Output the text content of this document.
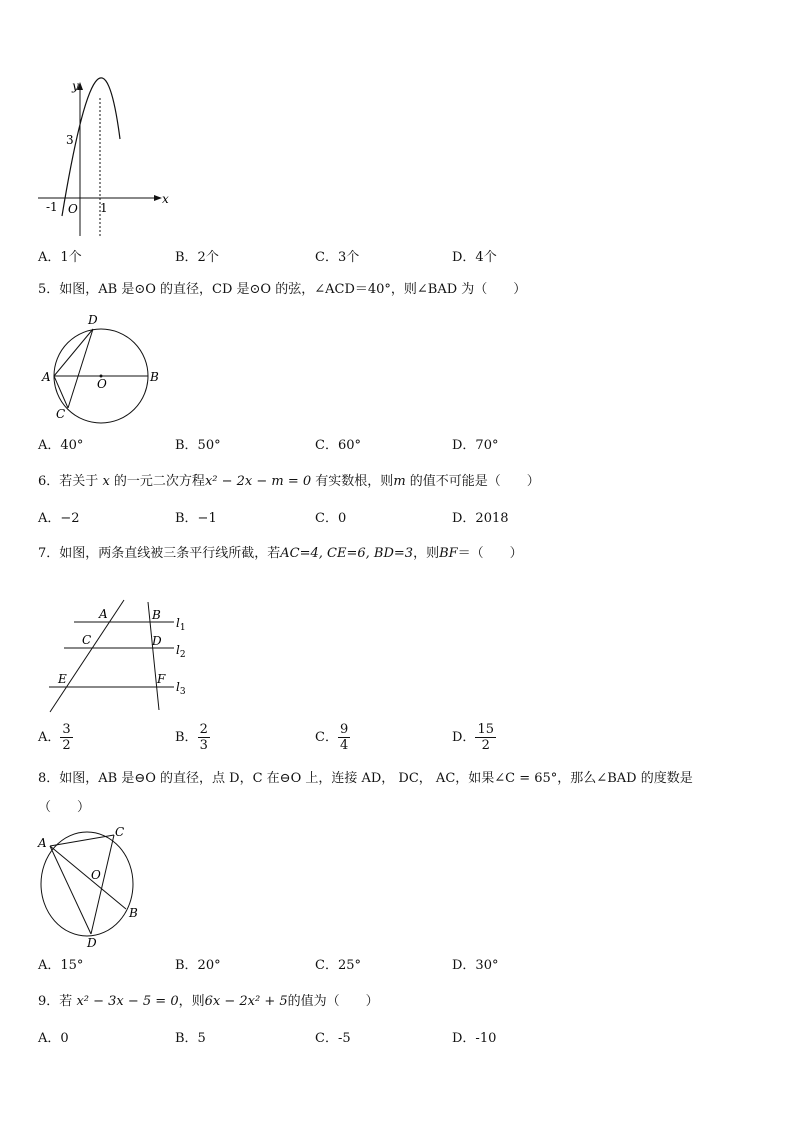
y
x
3
-1 O 1
A．1个	B．2个	C．3个	D．4个
5．如图，AB 是⊙O 的直径，CD 是⊙O 的弦，∠ACD＝40°，则∠BAD 为（　　）
D
A	O	B
C
A．40°	B．50°	C．60°	D．70°
6．若关于 x 的一元二次方程x² − 2x − m = 0 有实数根，则m 的值不可能是（　　）
A．−2	B．−1	C．0	D．2018
7．如图，两条直线被三条平行线所截，若AC=4, CE=6, BD=3，则BF＝（　　）
A	B
C	D
E	F
$l_1$
$l_2$
$l_3$
A． $\frac{3}{2}$	B． $\frac{2}{3}$	C． $\frac{9}{4}$	D． $\frac{15}{2}$
8．如图，AB 是⊖O 的直径，点 D，C 在⊖O 上，连接 AD， DC， AC，如果∠C = 65°，那么∠BAD 的度数是
（　　）
A
C
O
B
D
A．15°	B．20°	C．25°	D．30°
9．若 x² − 3x − 5 = 0，则6x − 2x² + 5的值为（　　）
A．0	B．5	C．-5	D．-10
